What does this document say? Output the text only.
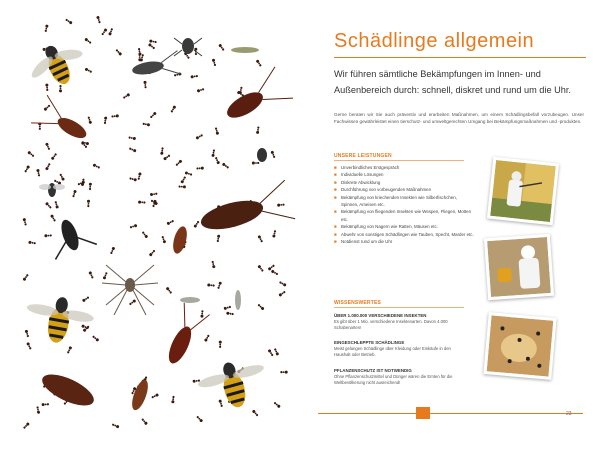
Schädlinge allgemein
Wir führen sämtliche Bekämpfungen im Innen- und Außenbereich durch: schnell, diskret und rund um die Uhr.
Gerne beraten wir Sie auch präventiv und erarbeiten Maßnahmen, um einem Schädlingsbefall vorzubeugen. Unser Fachwissen gewährleistet einen tierschutz- und umweltgerechten Umgang bei Bekämpfungsmaßnahmen und -produkten.
UNSERE LEISTUNGEN
■ Unverbindliches Erstgespräch
■ Individuelle Lösungen
■ Diskrete Abwicklung
■ Durchführung von vorbeugenden Maßnahmen
■ Bekämpfung von kriechenden Insekten wie Silberfischchen, Spinnen, Ameisen etc.
■ Bekämpfung von fliegenden Insekten wie Wespen, Fliegen, Motten etc.
■ Bekämpfung von Nagern wie Ratten, Mäusen etc.
■ Abwehr von sonstigen Schädlingen wie Tauben, Specht, Marder etc.
■ Notdienst rund um die Uhr
WISSENSWERTES
ÜBER 1.000.000 VERSCHIEDENE INSEKTEN
Es gibt über 1 Mio. verschiedene Insektenarten. Davon 4.000 Schabenarten!
EINGESCHLEPPTE SCHÄDLINGE
Meist gelangen Schädlinge über Kleidung oder Einkäufe in den Haushalt oder Betrieb.
PFLANZENSCHUTZ IST NOTWENDIG
Ohne Pflanzenschutzmittel und Dünger wären die Ernten für die Weltbevölkerung nicht ausreichend!
23
